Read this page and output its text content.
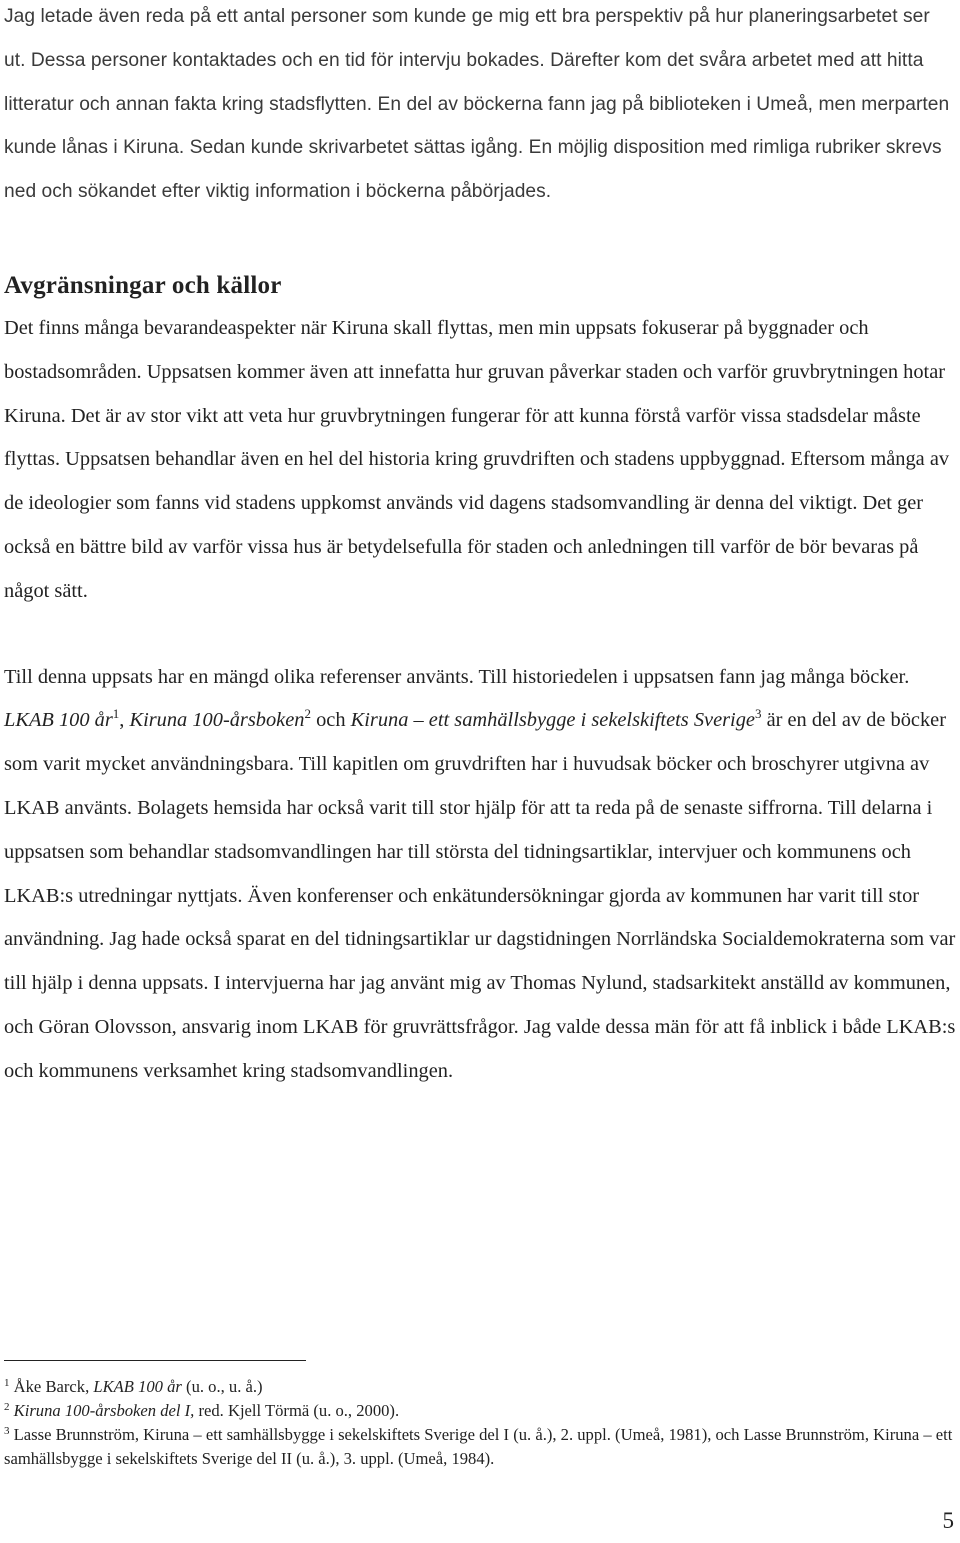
Jag letade även reda på ett antal personer som kunde ge mig ett bra perspektiv på hur planeringsarbetet ser ut. Dessa personer kontaktades och en tid för intervju bokades. Därefter kom det svåra arbetet med att hitta litteratur och annan fakta kring stadsflytten. En del av böckerna fann jag på biblioteken i Umeå, men merparten kunde lånas i Kiruna. Sedan kunde skrivarbetet sättas igång. En möjlig disposition med rimliga rubriker skrevs ned och sökandet efter viktig information i böckerna påbörjades.

Avgränsningar och källor

Det finns många bevarandeaspekter när Kiruna skall flyttas, men min uppsats fokuserar på byggnader och bostadsområden. Uppsatsen kommer även att innefatta hur gruvan påverkar staden och varför gruvbrytningen hotar Kiruna. Det är av stor vikt att veta hur gruvbrytningen fungerar för att kunna förstå varför vissa stadsdelar måste flyttas. Uppsatsen behandlar även en hel del historia kring gruvdriften och stadens uppbyggnad. Eftersom många av de ideologier som fanns vid stadens uppkomst används vid dagens stadsomvandling är denna del viktigt. Det ger också en bättre bild av varför vissa hus är betydelsefulla för staden och anledningen till varför de bör bevaras på något sätt.

Till denna uppsats har en mängd olika referenser använts. Till historiedelen i uppsatsen fann jag många böcker. LKAB 100 $år^1$, Kiruna 100-årsboken$^2$ och Kiruna – ett samhällsbygge i sekelskiftets Sverige$^3$ är en del av de böcker som varit mycket användningsbara. Till kapitlen om gruvdriften har i huvudsak böcker och broschyrer utgivna av LKAB använts. Bolagets hemsida har också varit till stor hjälp för att ta reda på de senaste siffrorna. Till delarna i uppsatsen som behandlar stadsomvandlingen har till största del tidningsartiklar, intervjuer och kommunens och LKAB:s utredningar nyttjats. Även konferenser och enkätundersökningar gjorda av kommunen har varit till stor användning. Jag hade också sparat en del tidningsartiklar ur dagstidningen Norrländska Socialdemokraterna som var till hjälp i denna uppsats. I intervjuerna har jag använt mig av Thomas Nylund, stadsarkitekt anställd av kommunen, och Göran Olovsson, ansvarig inom LKAB för gruvrättsfrågor. Jag valde dessa män för att få inblick i både LKAB:s och kommunens verksamhet kring stadsomvandlingen.

$^1$ Åke Barck, LKAB 100 år (u. o., u. å.)

$^2$ Kiruna 100-årsboken del I, red. Kjell Törmä (u. o., 2000).

$^3$ Lasse Brunnström, Kiruna – ett samhällsbygge i sekelskiftets Sverige del I (u. å.), 2. uppl. (Umeå, 1981), och Lasse Brunnström, Kiruna – ett samhällsbygge i sekelskiftets Sverige del II (u. å.), 3. uppl. (Umeå, 1984).

5
